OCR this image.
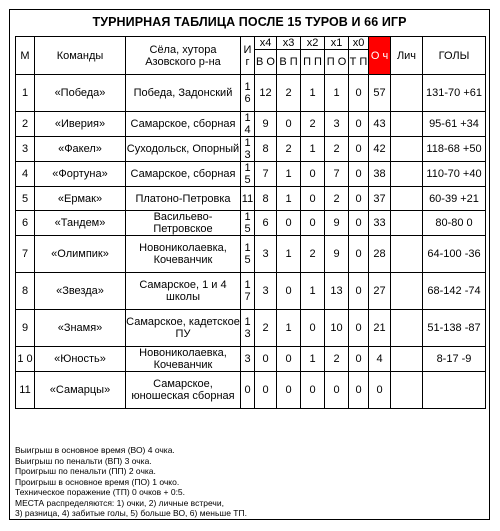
ТУРНИРНАЯ ТАБЛИЦА ПОСЛЕ 15 ТУРОВ И 66 ИГР
М	Команды	Сёла, хутора Азовского р-на	И г	х4	х3	х2	х1	х0	О ч	Лич	ГОЛЫ
				В О	В П	П П	П О	Т П			
1	«Победа»	Победа, Задонский	1 6	12	2	1	1	0	57		131-70 +61
2	«Иверия»	Самарское, сборная	1 4	9	0	2	3	0	43		95-61 +34
3	«Факел»	Суходольск, Опорный	1 3	8	2	1	2	0	42		118-68 +50
4	«Фортуна»	Самарское, сборная	1 5	7	1	0	7	0	38		110-70 +40
5	«Ермак»	Платоно-Петровка	11	8	1	0	2	0	37		60-39 +21
6	«Тандем»	Васильево-Петровское	1 5	6	0	0	9	0	33		80-80 0
7	«Олимпик»	Новониколаевка, Кочеванчик	1 5	3	1	2	9	0	28		64-100 -36
8	«Звезда»	Самарское, 1 и 4 школы	1 7	3	0	1	13	0	27		68-142 -74
9	«Знамя»	Самарское, кадетское ПУ	1 3	2	1	0	10	0	21		51-138 -87
1 0	«Юность»	Новониколаевка, Кочеванчик	3	0	0	1	2	0	4		8-17 -9
11	«Самарцы»	Самарское, юношеская сборная	0	0	0	0	0	0	0		
Выигрыш в основное время (ВО) 4 очка.
Выигрыш по пенальти (ВП) 3 очка.
Проигрыш по пенальти (ПП) 2 очка.
Проигрыш в основное время (ПО) 1 очко.
Техническое поражение (ТП) 0 очков + 0:5.
МЕСТА распределяются: 1) очки, 2) личные встречи,
3) разница, 4) забитые голы, 5) больше ВО, 6) меньше ТП.
